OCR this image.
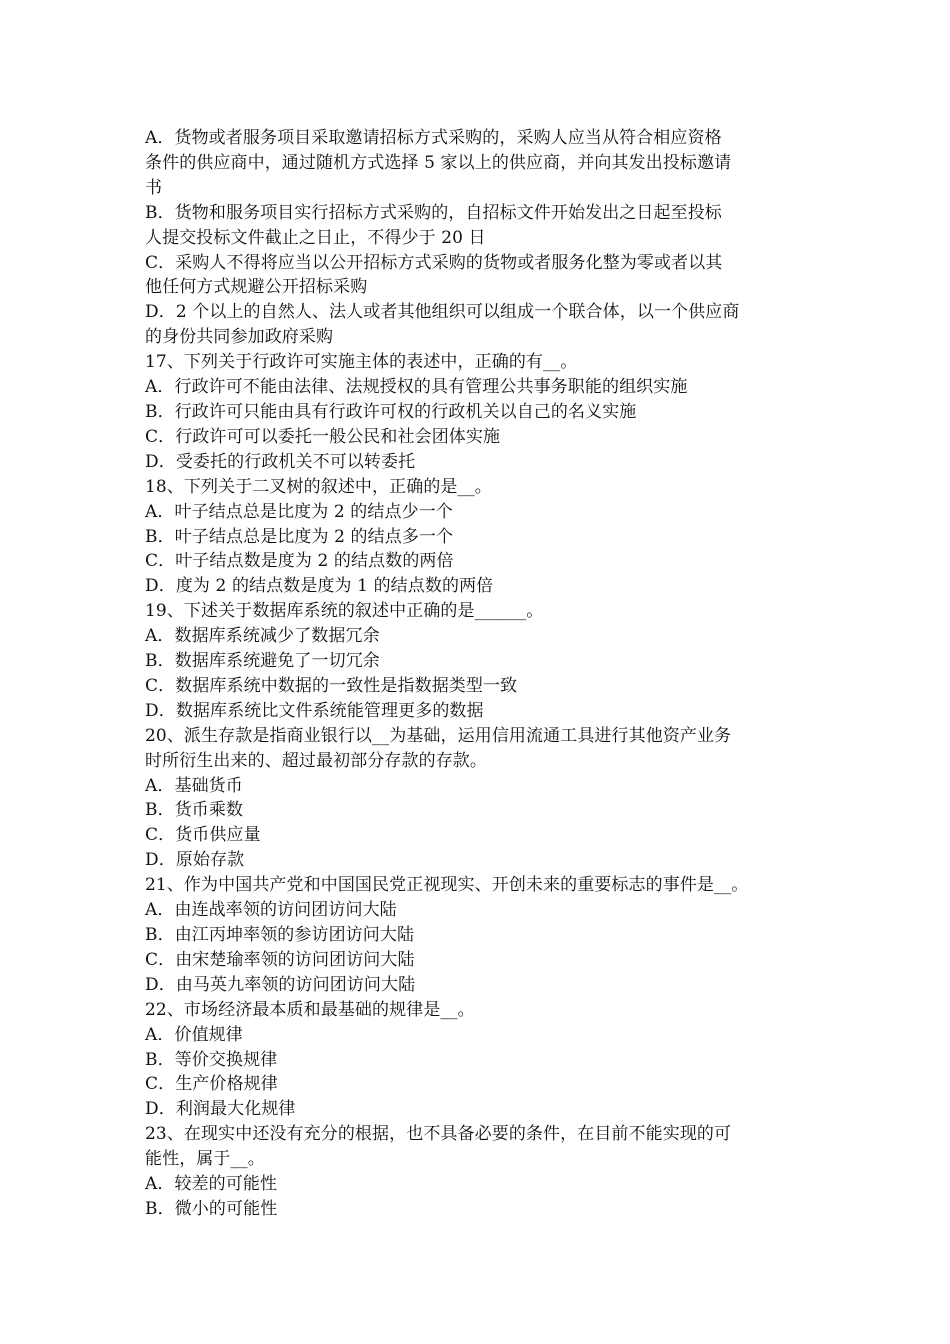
A．货物或者服务项目采取邀请招标方式采购的，采购人应当从符合相应资格
条件的供应商中，通过随机方式选择 5 家以上的供应商，并向其发出投标邀请
书
B．货物和服务项目实行招标方式采购的，自招标文件开始发出之日起至投标
人提交投标文件截止之日止，不得少于 20 日
C．采购人不得将应当以公开招标方式采购的货物或者服务化整为零或者以其
他任何方式规避公开招标采购
D．2 个以上的自然人、法人或者其他组织可以组成一个联合体，以一个供应商
的身份共同参加政府采购
17、下列关于行政许可实施主体的表述中，正确的有__。
A．行政许可不能由法律、法规授权的具有管理公共事务职能的组织实施
B．行政许可只能由具有行政许可权的行政机关以自己的名义实施
C．行政许可可以委托一般公民和社会团体实施
D．受委托的行政机关不可以转委托
18、下列关于二叉树的叙述中，正确的是__。
A．叶子结点总是比度为 2 的结点少一个
B．叶子结点总是比度为 2 的结点多一个
C．叶子结点数是度为 2 的结点数的两倍
D．度为 2 的结点数是度为 1 的结点数的两倍
19、下述关于数据库系统的叙述中正确的是______。
A．数据库系统减少了数据冗余
B．数据库系统避免了一切冗余
C．数据库系统中数据的一致性是指数据类型一致
D．数据库系统比文件系统能管理更多的数据
20、派生存款是指商业银行以__为基础，运用信用流通工具进行其他资产业务
时所衍生出来的、超过最初部分存款的存款。
A．基础货币
B．货币乘数
C．货币供应量
D．原始存款
21、作为中国共产党和中国国民党正视现实、开创未来的重要标志的事件是__。
A．由连战率领的访问团访问大陆
B．由江丙坤率领的参访团访问大陆
C．由宋楚瑜率领的访问团访问大陆
D．由马英九率领的访问团访问大陆
22、市场经济最本质和最基础的规律是__。
A．价值规律
B．等价交换规律
C．生产价格规律
D．利润最大化规律
23、在现实中还没有充分的根据，也不具备必要的条件，在目前不能实现的可
能性，属于__。
A．较差的可能性
B．微小的可能性
